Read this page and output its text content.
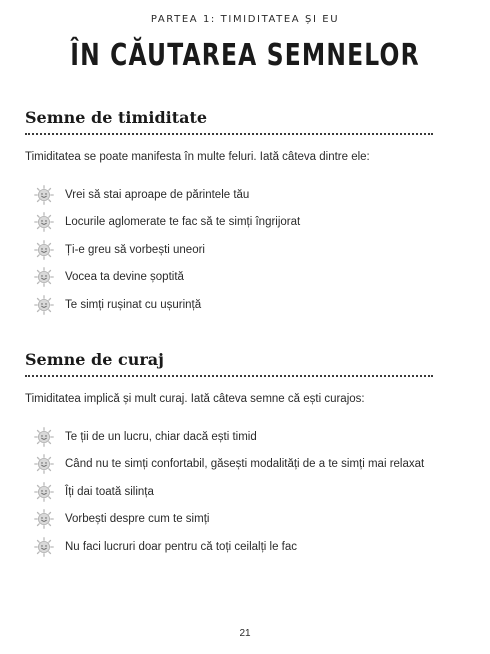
PARTEA 1: TIMIDITATEA ȘI EU
ÎN CĂUTAREA SEMNELOR
Semne de timiditate
Timiditatea se poate manifesta în multe feluri. Iată câteva dintre ele:
Vrei să stai aproape de părintele tău
Locurile aglomerate te fac să te simți îngrijorat
Ți-e greu să vorbești uneori
Vocea ta devine șoptită
Te simți rușinat cu ușurință
Semne de curaj
Timiditatea implică și mult curaj. Iată câteva semne că ești curajos:
Te ții de un lucru, chiar dacă ești timid
Când nu te simți confortabil, găsești modalități de a te simți mai relaxat
Îți dai toată silința
Vorbești despre cum te simți
Nu faci lucruri doar pentru că toți ceilalți le fac
21
